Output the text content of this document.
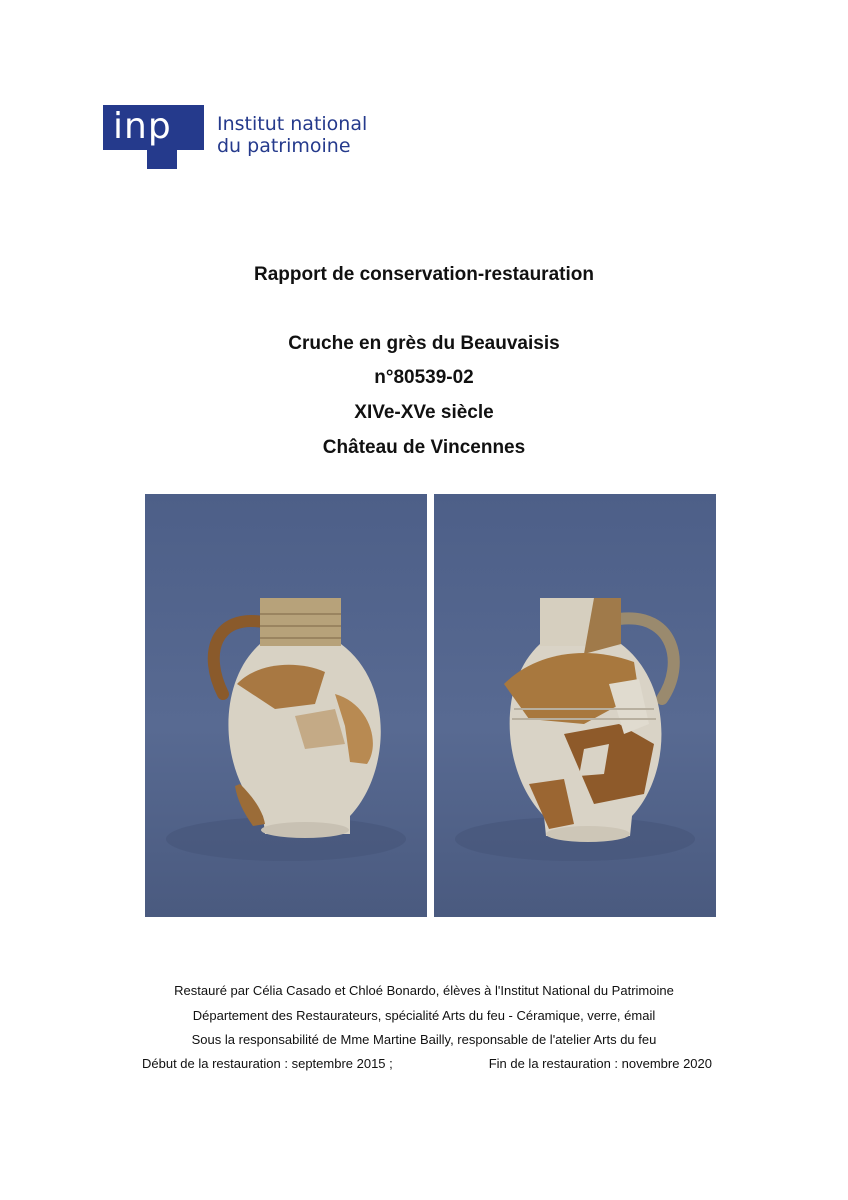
inp	Institut national
du patrimoine
Rapport de conservation-restauration
Cruche en grès du Beauvaisis
n°80539-02
XIVe-XVe siècle
Château de Vincennes
Restauré par Célia Casado et Chloé Bonardo, élèves à l'Institut National du Patrimoine
Département des Restaurateurs, spécialité Arts du feu - Céramique, verre, émail
Sous la responsabilité de Mme Martine Bailly, responsable de l'atelier Arts du feu
Début de la restauration : septembre 2015 ;	Fin de la restauration : novembre 2020
